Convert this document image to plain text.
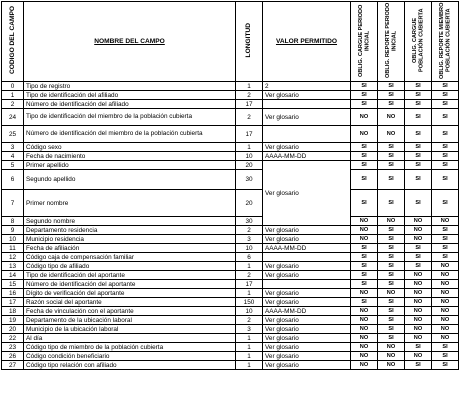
CODIGO DEL CAMPO	NOMBRE DEL CAMPO	LONGITUD	VALOR PERMITIDO	OBLIG. CARGUE PERIODO INICIAL	OBLIG. REPORTE PERIODO INICIAL	OBLIG. CARGUE POBLACIÓN CUBIERTA	OBLIG. REPORTE MIEMBRO POBLACIÓN CUBIERTA
0	Tipo de registro	1	2	SI	SI	SI	SI
1	Tipo de identificación del afiliado	2	Ver glosario	SI	SI	SI	SI
2	Número de identificación del afiliado	17		SI	SI	SI	SI
24	Tipo de identificación del miembro de la población cubierta	2	Ver glosario	NO	NO	SI	SI
25	Número de identificación del miembro de la población cubierta	17		NO	NO	SI	SI
3	Código sexo	1	Ver glosario	SI	SI	SI	SI
4	Fecha de nacimiento	10	AAAA-MM-DD	SI	SI	SI	SI
5	Primer apellido	20	Ver glosario	SI	SI	SI	SI
6	Segundo apellido	30		SI	SI	SI	SI
7	Primer nombre	20		SI	SI	SI	SI
8	Segundo nombre	30		NO	NO	NO	NO
9	Departamento residencia	2	Ver glosario	NO	SI	NO	SI
10	Municipio residencia	3	Ver glosario	NO	SI	NO	SI
11	Fecha de afiliación	10	AAAA-MM-DD	SI	SI	SI	SI
12	Código caja de compensación familiar	6		SI	SI	SI	SI
13	Código tipo de afiliado	1	Ver glosario	SI	SI	SI	NO
14	Tipo de identificación del aportante	2	Ver glosario	SI	SI	NO	NO
15	Número de identificación del aportante	17		SI	SI	NO	NO
16	Dígito de verificación del aportante	1	Ver glosario	NO	NO	NO	NO
17	Razón social del aportante	150	Ver glosario	SI	SI	NO	NO
18	Fecha de vinculación con el aportante	10	AAAA-MM-DD	NO	SI	NO	NO
19	Departamento de la ubicación laboral	2	Ver glosario	NO	SI	NO	NO
20	Municipio de la ubicación laboral	3	Ver glosario	NO	SI	NO	NO
22	Al día	1	Ver glosario	NO	SI	NO	NO
23	Código tipo de miembro de la población cubierta	1	Ver glosario	NO	NO	SI	SI
26	Código condición beneficiario	1	Ver glosario	NO	NO	NO	SI
27	Código tipo relación con afiliado	1	Ver glosario	NO	NO	SI	SI
